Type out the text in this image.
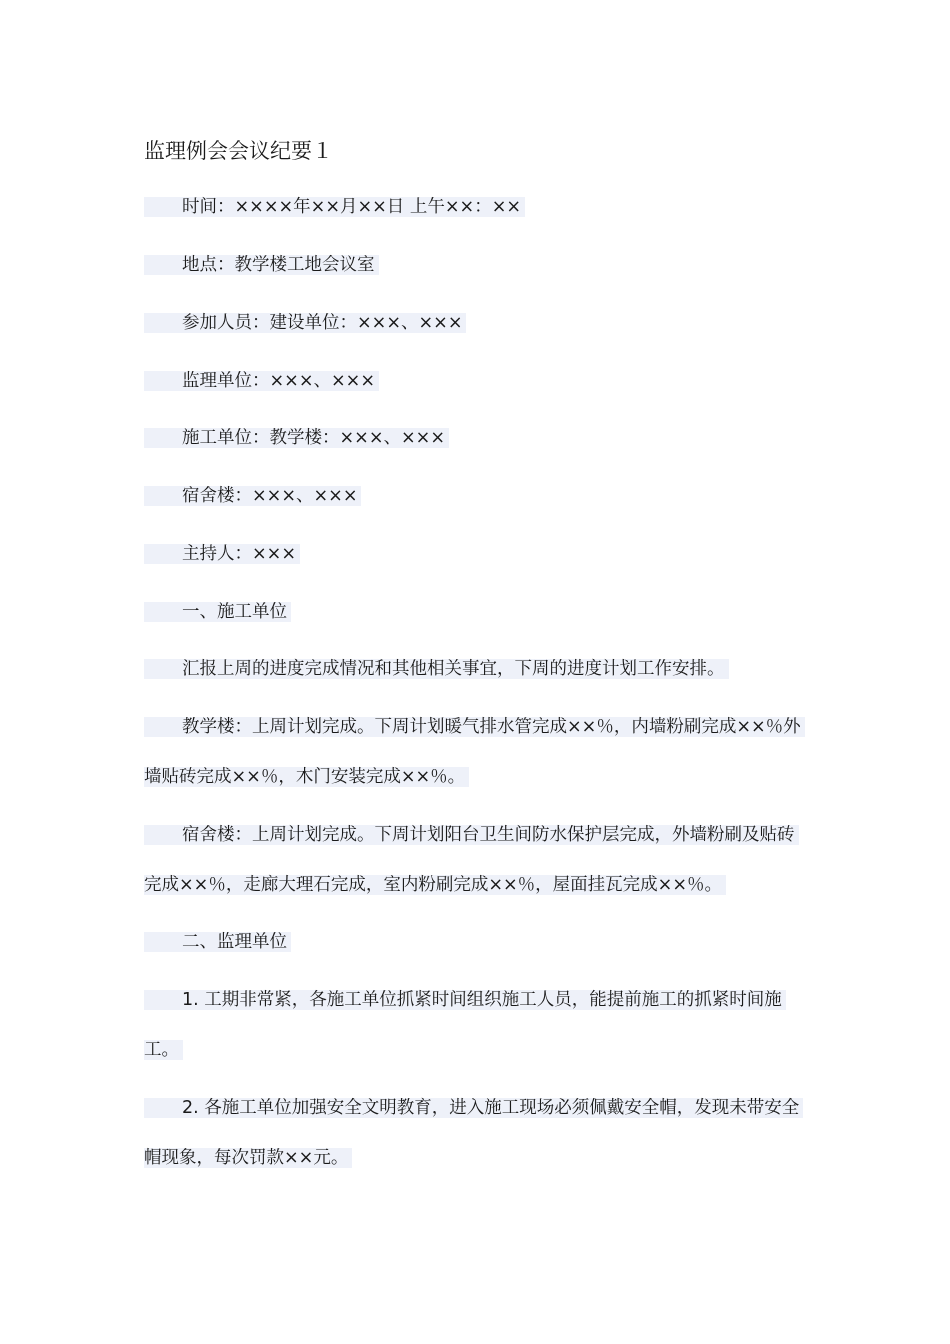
监理例会会议纪要１

时间：××××年××月××日 上午××：××

地点：教学楼工地会议室

参加人员：建设单位：×××、×××

监理单位：×××、×××

施工单位：教学楼：×××、×××

宿舍楼：×××、×××

主持人：×××

一、施工单位

汇报上周的进度完成情况和其他相关事宜，下周的进度计划工作安排。

教学楼：上周计划完成。下周计划暖气排水管完成××％，内墙粉刷完成××％外墙贴砖完成××％，木门安装完成××％。

宿舍楼：上周计划完成。下周计划阳台卫生间防水保护层完成，外墙粉刷及贴砖完成××％，走廊大理石完成，室内粉刷完成××％，屋面挂瓦完成××％。

二、监理单位

1. 工期非常紧，各施工单位抓紧时间组织施工人员，能提前施工的抓紧时间施工。

2. 各施工单位加强安全文明教育，进入施工现场必须佩戴安全帽，发现未带安全帽现象，每次罚款××元。
